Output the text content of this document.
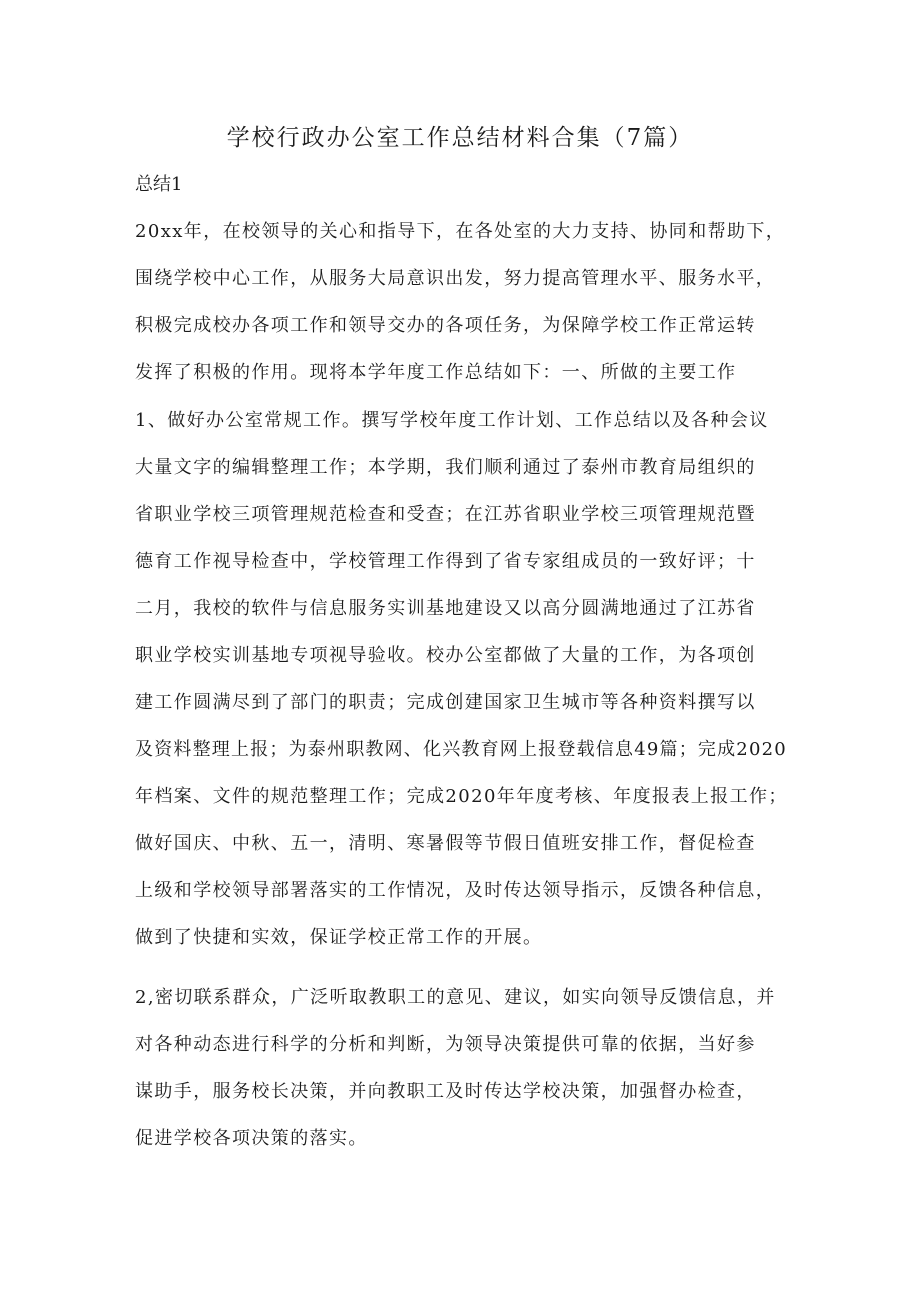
学校行政办公室工作总结材料合集（7篇）
总结1
20xx年，在校领导的关心和指导下，在各处室的大力支持、协同和帮助下，
围绕学校中心工作，从服务大局意识出发，努力提高管理水平、服务水平，
积极完成校办各项工作和领导交办的各项任务，为保障学校工作正常运转
发挥了积极的作用。现将本学年度工作总结如下：一、所做的主要工作
1、做好办公室常规工作。撰写学校年度工作计划、工作总结以及各种会议
大量文字的编辑整理工作；本学期，我们顺利通过了泰州市教育局组织的
省职业学校三项管理规范检查和受查；在江苏省职业学校三项管理规范暨
德育工作视导检查中，学校管理工作得到了省专家组成员的一致好评；十
二月，我校的软件与信息服务实训基地建设又以高分圆满地通过了江苏省
职业学校实训基地专项视导验收。校办公室都做了大量的工作，为各项创
建工作圆满尽到了部门的职责；完成创建国家卫生城市等各种资料撰写以
及资料整理上报；为泰州职教网、化兴教育网上报登载信息49篇；完成2020
年档案、文件的规范整理工作；完成2020年年度考核、年度报表上报工作；
做好国庆、中秋、五一，清明、寒暑假等节假日值班安排工作，督促检查
上级和学校领导部署落实的工作情况，及时传达领导指示，反馈各种信息，
做到了快捷和实效，保证学校正常工作的开展。
2,密切联系群众，广泛听取教职工的意见、建议，如实向领导反馈信息，并
对各种动态进行科学的分析和判断，为领导决策提供可靠的依据，当好参
谋助手，服务校长决策，并向教职工及时传达学校决策，加强督办检查，
促进学校各项决策的落实。
